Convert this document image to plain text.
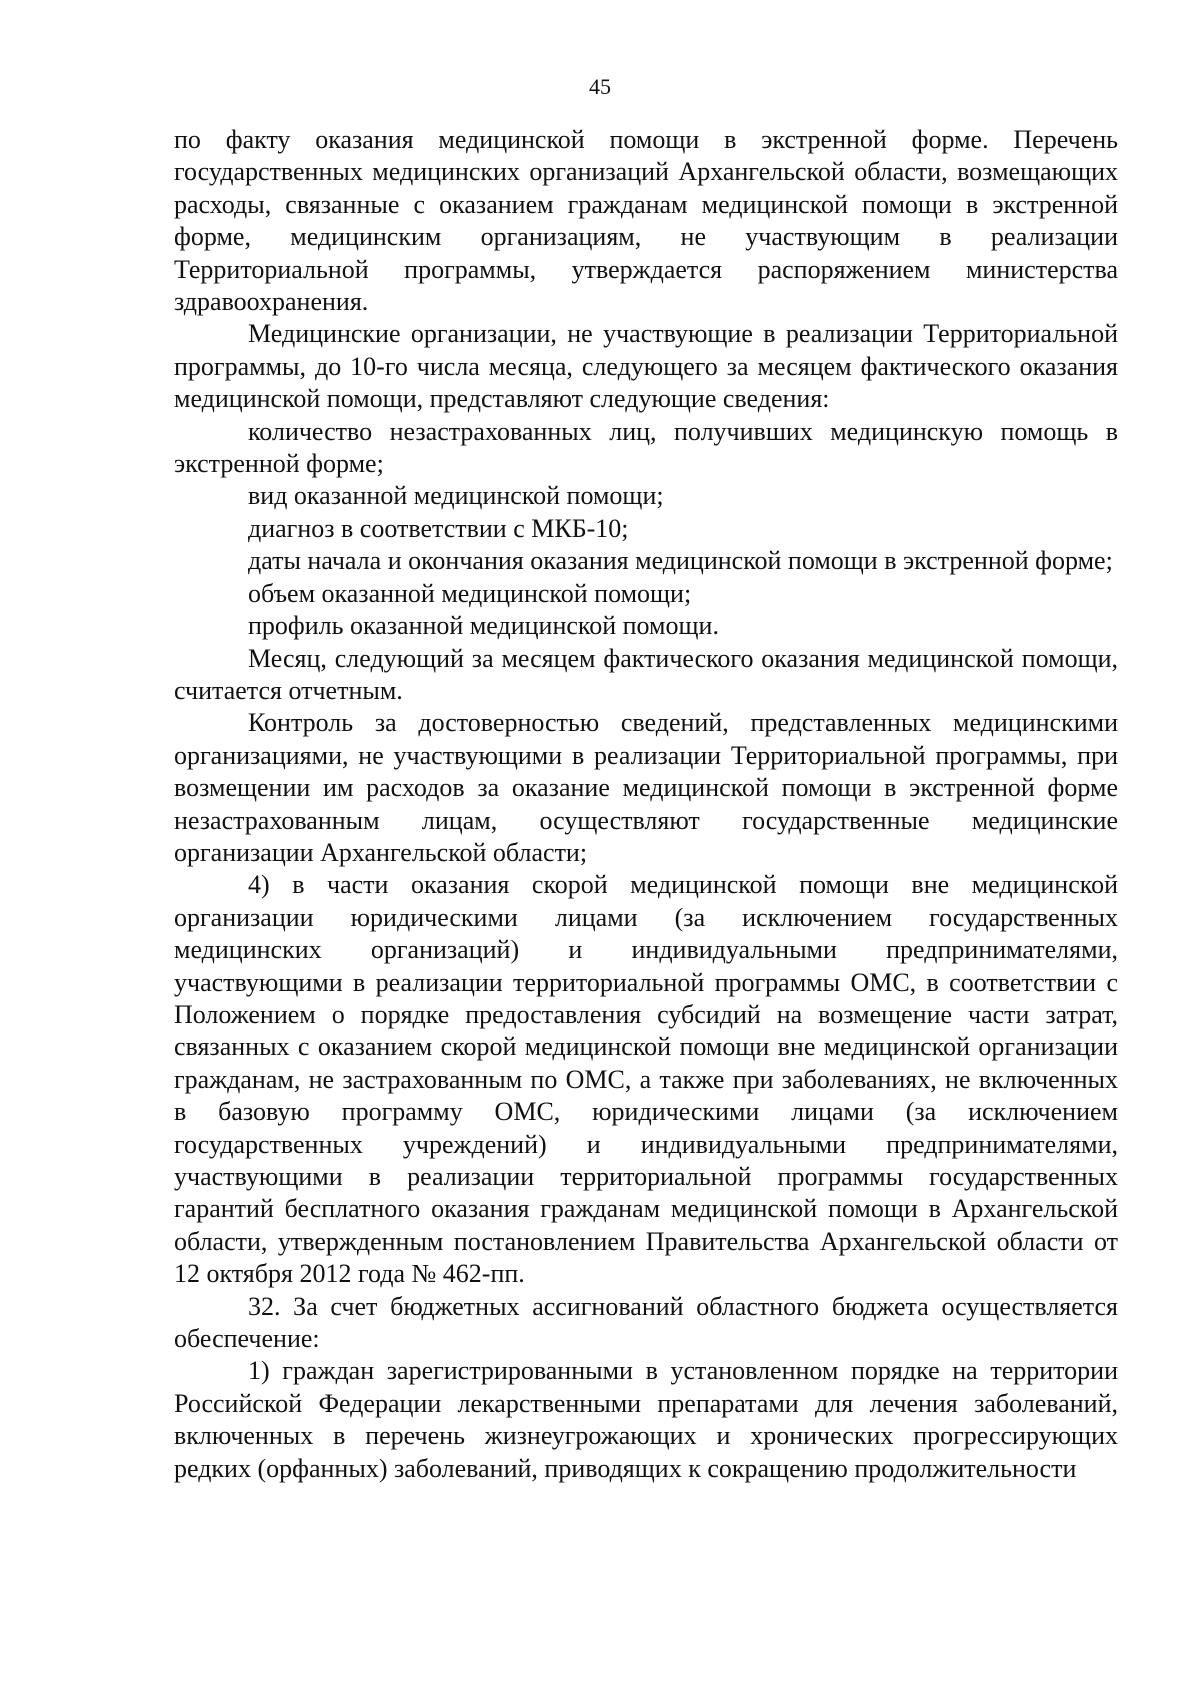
45

по факту оказания медицинской помощи в экстренной форме. Перечень государственных медицинских организаций Архангельской области, возмещающих расходы, связанные с оказанием гражданам медицинской помощи в экстренной форме, медицинским организациям, не участвующим в реализации Территориальной программы, утверждается распоряжением министерства здравоохранения.

Медицинские организации, не участвующие в реализации Территориальной программы, до 10-го числа месяца, следующего за месяцем фактического оказания медицинской помощи, представляют следующие сведения:

количество незастрахованных лиц, получивших медицинскую помощь в экстренной форме;

вид оказанной медицинской помощи;

диагноз в соответствии с МКБ-10;

даты начала и окончания оказания медицинской помощи в экстренной форме;

объем оказанной медицинской помощи;

профиль оказанной медицинской помощи.

Месяц, следующий за месяцем фактического оказания медицинской помощи, считается отчетным.

Контроль за достоверностью сведений, представленных медицинскими организациями, не участвующими в реализации Территориальной программы, при возмещении им расходов за оказание медицинской помощи в экстренной форме незастрахованным лицам, осуществляют государственные медицинские организации Архангельской области;

4) в части оказания скорой медицинской помощи вне медицинской организации юридическими лицами (за исключением государственных медицинских организаций) и индивидуальными предпринимателями, участвующими в реализации территориальной программы ОМС, в соответствии с Положением о порядке предоставления субсидий на возмещение части затрат, связанных с оказанием скорой медицинской помощи вне медицинской организации гражданам, не застрахованным по ОМС, а также при заболеваниях, не включенных в базовую программу ОМС, юридическими лицами (за исключением государственных учреждений) и индивидуальными предпринимателями, участвующими в реализации территориальной программы государственных гарантий бесплатного оказания гражданам медицинской помощи в Архангельской области, утвержденным постановлением Правительства Архангельской области от 12 октября 2012 года № 462-пп.

32. За счет бюджетных ассигнований областного бюджета осуществляется обеспечение:

1) граждан зарегистрированными в установленном порядке на территории Российской Федерации лекарственными препаратами для лечения заболеваний, включенных в перечень жизнеугрожающих и хронических прогрессирующих редких (орфанных) заболеваний, приводящих к сокращению продолжительности
